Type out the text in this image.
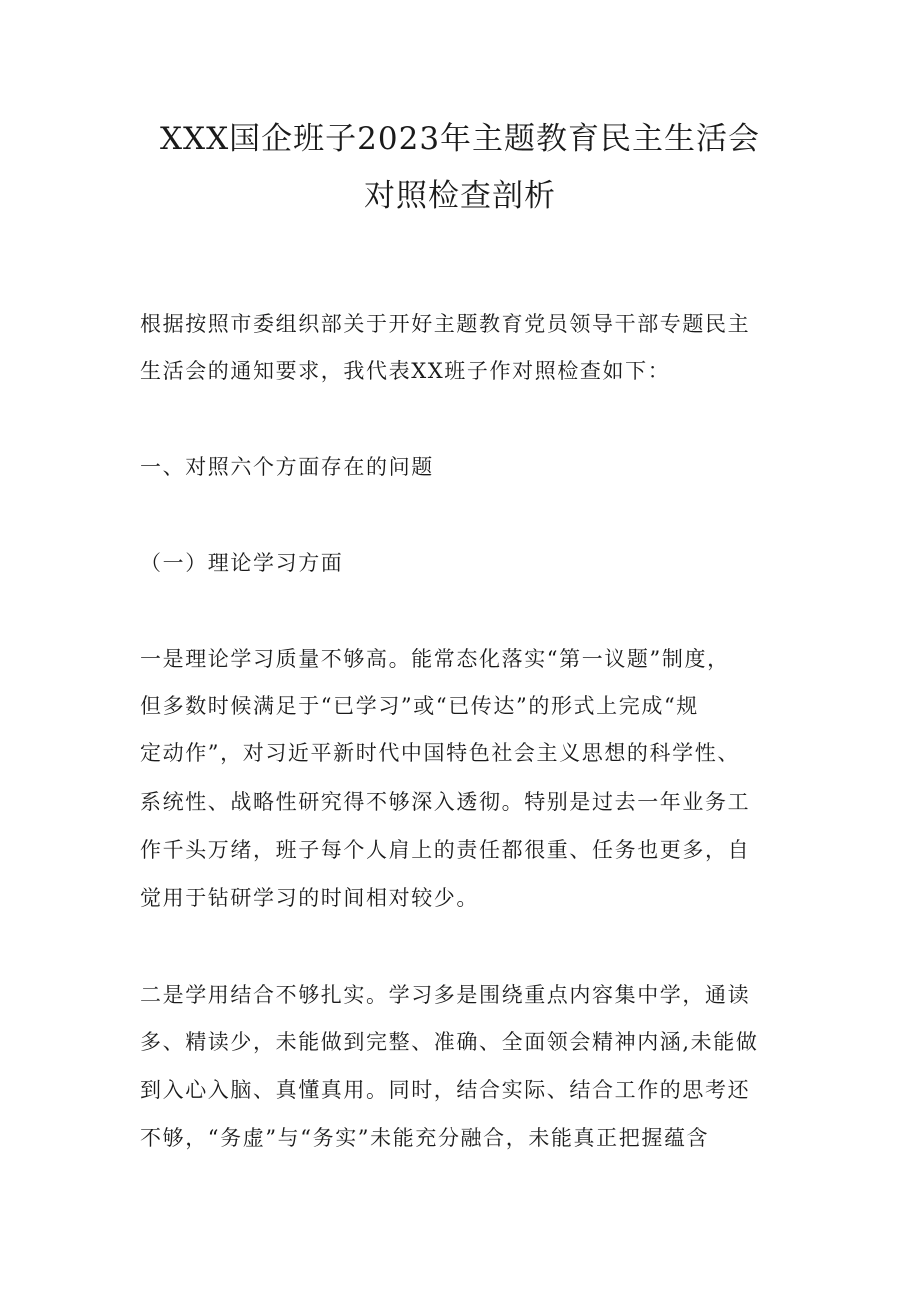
XXX国企班子2023年主题教育民主生活会
对照检查剖析

根据按照市委组织部关于开好主题教育党员领导干部专题民主

生活会的通知要求，我代表XX班子作对照检查如下：

一、对照六个方面存在的问题

（一）理论学习方面

一是理论学习质量不够高。能常态化落实“第一议题”制度，

但多数时候满足于“已学习”或“已传达”的形式上完成“规

定动作”，对习近平新时代中国特色社会主义思想的科学性、

系统性、战略性研究得不够深入透彻。特别是过去一年业务工

作千头万绪，班子每个人肩上的责任都很重、任务也更多，自

觉用于钻研学习的时间相对较少。

二是学用结合不够扎实。学习多是围绕重点内容集中学，通读

多、精读少，未能做到完整、准确、全面领会精神内涵,未能做

到入心入脑、真懂真用。同时，结合实际、结合工作的思考还

不够，“务虚”与“务实”未能充分融合，未能真正把握蕴含
